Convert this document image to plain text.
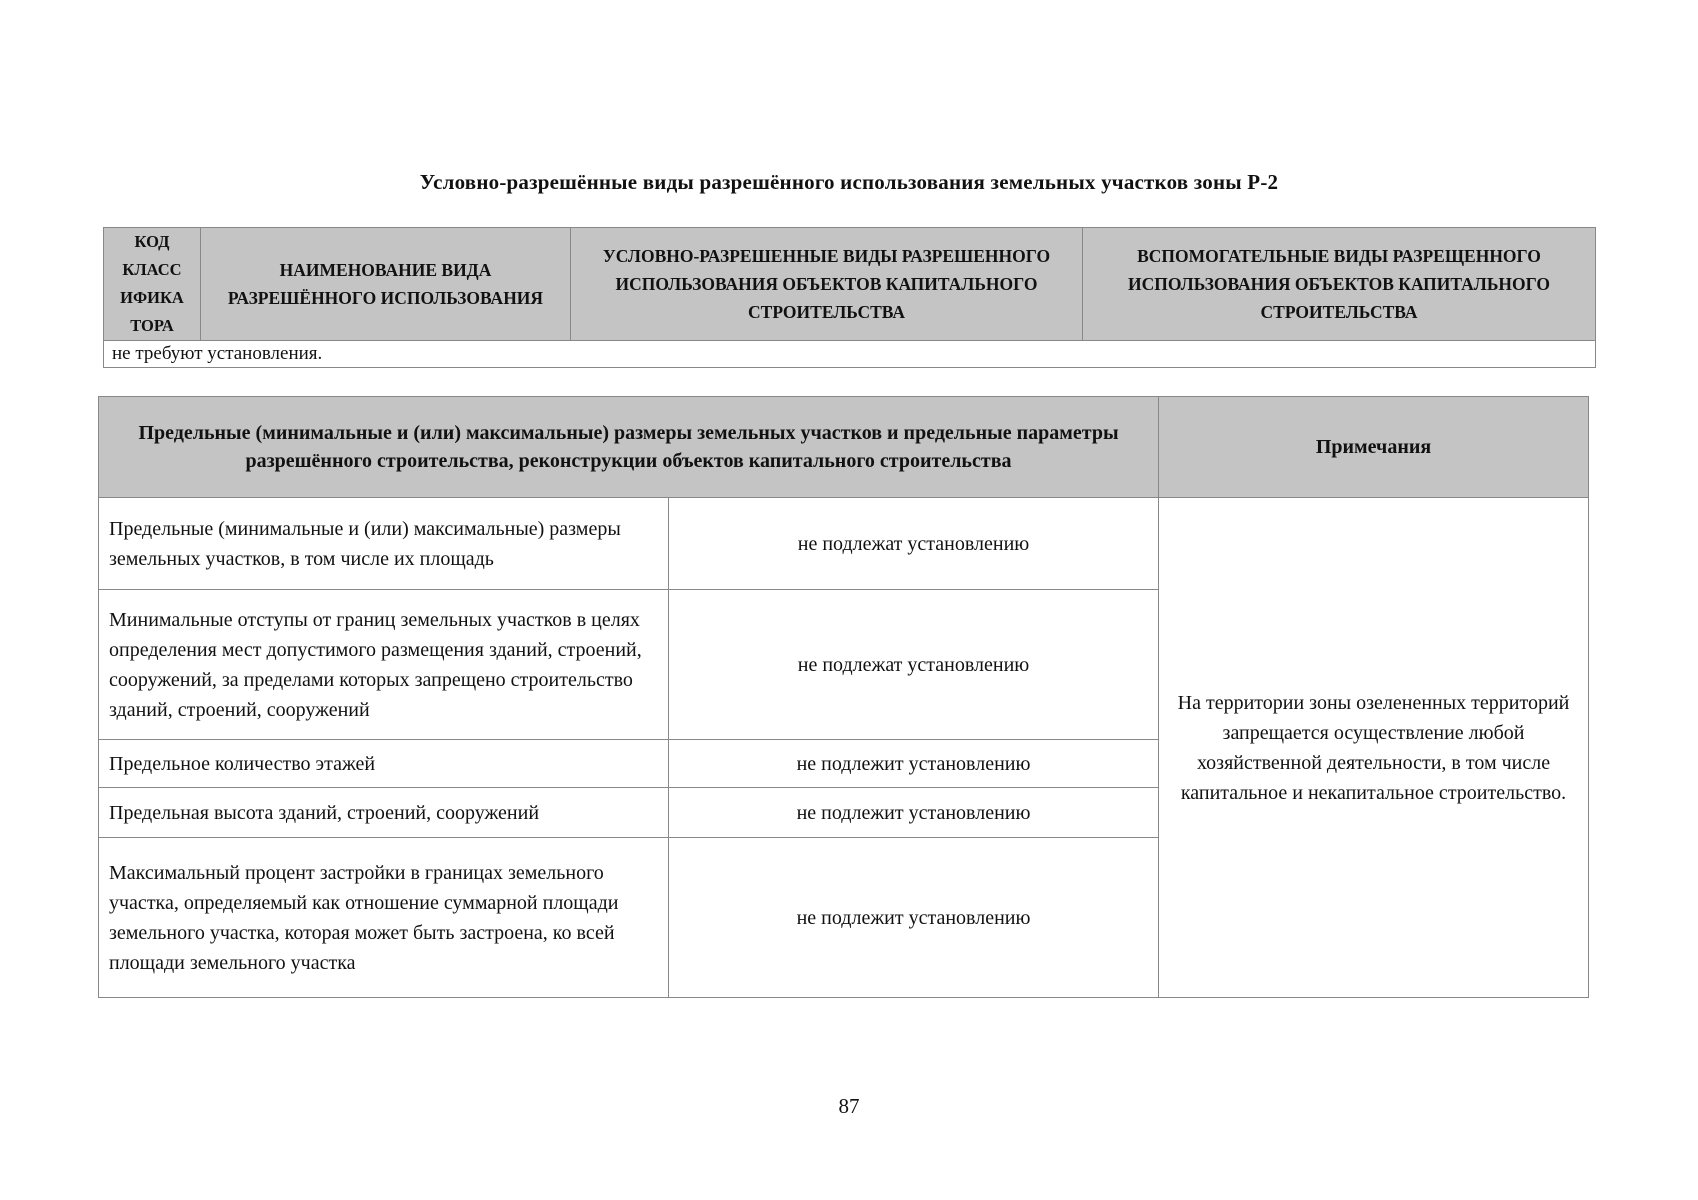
Условно-разрешённые виды разрешённого использования земельных участков зоны Р-2
КОД
КЛАСС
ИФИКА
ТОРА
	НАИМЕНОВАНИЕ ВИДА РАЗРЕШЁННОГО ИСПОЛЬЗОВАНИЯ	УСЛОВНО-РАЗРЕШЕННЫЕ ВИДЫ РАЗРЕШЕННОГО ИСПОЛЬЗОВАНИЯ ОБЪЕКТОВ КАПИТАЛЬНОГО СТРОИТЕЛЬСТВА	ВСПОМОГАТЕЛЬНЫЕ ВИДЫ РАЗРЕЩЕННОГО ИСПОЛЬЗОВАНИЯ ОБЪЕКТОВ КАПИТАЛЬНОГО СТРОИТЕЛЬСТВА
не требуют установления.
Предельные (минимальные и (или) максимальные) размеры земельных участков и предельные параметры разрешённого строительства, реконструкции объектов капитального строительства		Примечания
Предельные (минимальные и (или) максимальные) размеры земельных участков, в том числе их площадь	не подлежат установлению	На территории зоны озелененных территорий запрещается осуществление любой хозяйственной деятельности, в том числе капитальное и некапитальное строительство.
Минимальные отступы от границ земельных участков в целях определения мест допустимого размещения зданий, строений, сооружений, за пределами которых запрещено строительство зданий, строений, сооружений	не подлежат установлению	
Предельное количество этажей	не подлежит установлению	
Предельная высота зданий, строений, сооружений	не подлежит установлению	
Максимальный процент застройки в границах земельного участка, определяемый как отношение суммарной площади земельного участка, которая может быть застроена, ко всей площади земельного участка	не подлежит установлению	
87
